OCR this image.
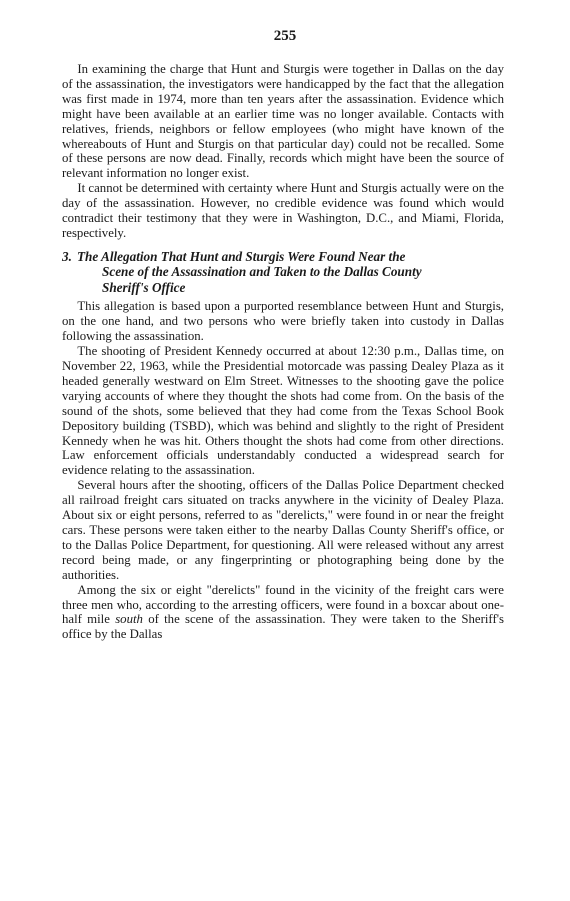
255

In examining the charge that Hunt and Sturgis were together in Dallas on the day of the assassination, the investigators were handicapped by the fact that the allegation was first made in 1974, more than ten years after the assassination. Evidence which might have been available at an earlier time was no longer available. Contacts with relatives, friends, neighbors or fellow employees (who might have known of the whereabouts of Hunt and Sturgis on that particular day) could not be recalled. Some of these persons are now dead. Finally, records which might have been the source of relevant information no longer exist.

It cannot be determined with certainty where Hunt and Sturgis actually were on the day of the assassination. However, no credible evidence was found which would contradict their testimony that they were in Washington, D.C., and Miami, Florida, respectively.

3. The Allegation That Hunt and Sturgis Were Found Near the
Scene of the Assassination and Taken to the Dallas County
Sheriff's Office

This allegation is based upon a purported resemblance between Hunt and Sturgis, on the one hand, and two persons who were briefly taken into custody in Dallas following the assassination.

The shooting of President Kennedy occurred at about 12:30 p.m., Dallas time, on November 22, 1963, while the Presidential motorcade was passing Dealey Plaza as it headed generally westward on Elm Street. Witnesses to the shooting gave the police varying accounts of where they thought the shots had come from. On the basis of the sound of the shots, some believed that they had come from the Texas School Book Depository building (TSBD), which was behind and slightly to the right of President Kennedy when he was hit. Others thought the shots had come from other directions. Law enforcement officials understandably conducted a widespread search for evidence relating to the assassination.

Several hours after the shooting, officers of the Dallas Police Department checked all railroad freight cars situated on tracks anywhere in the vicinity of Dealey Plaza. About six or eight persons, referred to as "derelicts," were found in or near the freight cars. These persons were taken either to the nearby Dallas County Sheriff's office, or to the Dallas Police Department, for questioning. All were released without any arrest record being made, or any fingerprinting or photographing being done by the authorities.

Among the six or eight "derelicts" found in the vicinity of the freight cars were three men who, according to the arresting officers, were found in a boxcar about one-half mile south of the scene of the assassination. They were taken to the Sheriff's office by the Dallas
